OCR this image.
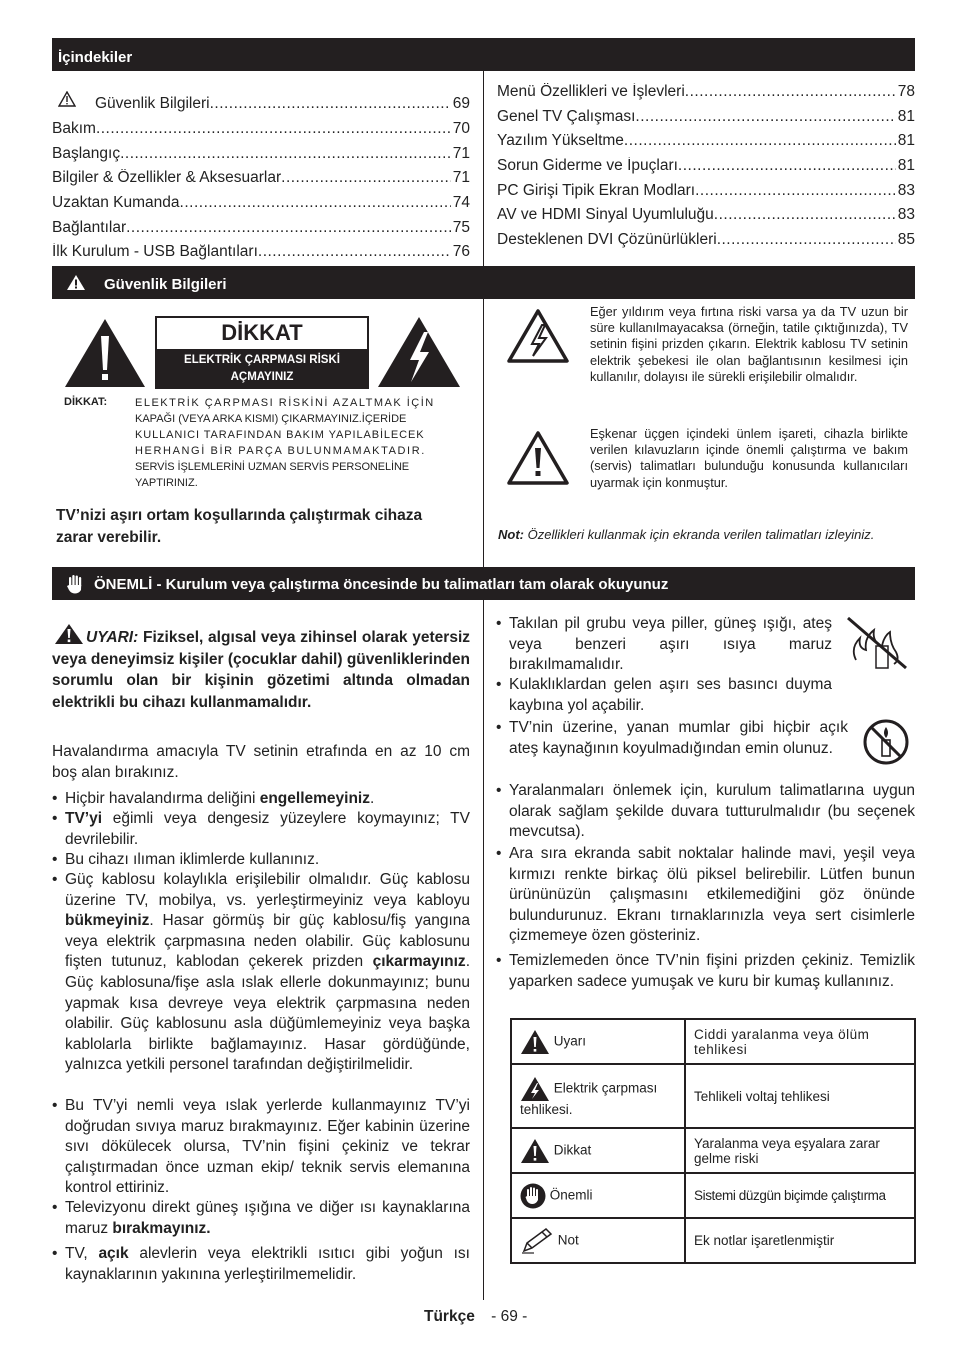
İçindekiler
Güvenlik Bilgileri .....	69
Bakım .....	70
Başlangıç .....	71
Bilgiler & Özellikler & Aksesuarlar .....	71
Uzaktan Kumanda .....	74
Bağlantılar .....	75
İlk Kurulum - USB Bağlantıları .....	76
Menü Özellikleri ve İşlevleri .....	78
Genel TV Çalışması .....	81
Yazılım Yükseltme .....	81
Sorun Giderme ve İpuçları .....	81
PC Girişi Tipik Ekran Modları .....	83
AV ve HDMI Sinyal Uyumluluğu .....	83
Desteklenen DVI Çözünürlükleri .....	85
Güvenlik Bilgileri
DİKKAT
ELEKTRİK ÇARPMASI RİSKİ
AÇMAYINIZ
DİKKAT:	ELEKTRİK ÇARPMASI RİSKİNİ AZALTMAK İÇİN
KAPAĞI (VEYA ARKA KISMI) ÇIKARMAYINIZ.İÇERİDE
KULLANICI TARAFINDAN BAKIM YAPILABİLECEK
HERHANGİ BİR PARÇA BULUNMAMAKTADIR.
SERVİS İŞLEMLERİNİ UZMAN SERVİS PERSONELİNE
YAPTIRINIZ.
TV’nizi aşırı ortam koşullarında çalıştırmak cihaza
zarar verebilir.
Eğer yıldırım veya fırtına riski varsa ya da TV uzun bir süre kullanılmayacaksa (örneğin, tatile çıktığınızda), TV setinin fişini prizden çıkarın. Elektrik kablosu TV setinin elektrik şebekesi ile olan bağlantısının kesilmesi için kullanılır, dolayısı ile sürekli erişilebilir olmalıdır.
Eşkenar üçgen içindeki ünlem işareti, cihazla birlikte verilen kılavuzların içinde önemli çalıştırma ve bakım (servis) talimatları bulunduğu konusunda kullanıcıları uyarmak için konmuştur.
Not: Özellikleri kullanmak için ekranda verilen talimatları izleyiniz.
ÖNEMLİ - Kurulum veya çalıştırma öncesinde bu talimatları tam olarak okuyunuz
UYARI: Fiziksel, algısal veya zihinsel olarak yetersiz veya deneyimsiz kişiler (çocuklar dahil) güvenliklerinden sorumlu olan bir kişinin gözetimi altında olmadan elektrikli bu cihazı kullanmamalıdır.
Havalandırma amacıyla TV setinin etrafında en az 10 cm boş alan bırakınız.
• Hiçbir havalandırma deliğini engellemeyiniz.
• TV’yi eğimli veya dengesiz yüzeylere koymayınız; TV devrilebilir.
• Bu cihazı ılıman iklimlerde kullanınız.
• Güç kablosu kolaylıkla erişilebilir olmalıdır. Güç kablosu üzerine TV, mobilya, vs. yerleştirmeyiniz veya kabloyu bükmeyiniz. Hasar görmüş bir güç kablosu/fiş yangına veya elektrik çarpmasına neden olabilir. Güç kablosunu fişten tutunuz, kablodan çekerek prizden çıkarmayınız. Güç kablosuna/fişe asla ıslak ellerle dokunmayınız; bunu yapmak kısa devreye veya elektrik çarpmasına neden olabilir. Güç kablosunu asla düğümlemeyiniz veya başka kablolarla birlikte bağlamayınız. Hasar gördüğünde, yalnızca yetkili personel tarafından değiştirilmelidir.
• Bu TV’yi nemli veya ıslak yerlerde kullanmayınız TV’yi doğrudan sıvıya maruz bırakmayınız. Eğer kabinin üzerine sıvı dökülecek olursa, TV’nin fişini çekiniz ve tekrar çalıştırmadan önce uzman ekip/ teknik servis elemanına kontrol ettiriniz.
• Televizyonu direkt güneş ışığına ve diğer ısı kaynaklarına maruz bırakmayınız.
• TV, açık alevlerin veya elektrikli ısıtıcı gibi yoğun ısı kaynaklarının yakınına yerleştirilmemelidir.
• Takılan pil grubu veya piller, güneş ışığı, ateş veya benzeri aşırı ısıya maruz bırakılmamalıdır.
• Kulaklıklardan gelen aşırı ses basıncı duyma kaybına yol açabilir.
• TV’nin üzerine, yanan mumlar gibi hiçbir açık ateş kaynağının koyulmadığından emin olunuz.
• Yaralanmaları önlemek için, kurulum talimatlarına uygun olarak sağlam şekilde duvara tutturulmalıdır (bu seçenek mevcutsa).
• Ara sıra ekranda sabit noktalar halinde mavi, yeşil veya kırmızı renkte birkaç ölü piksel belirebilir. Lütfen bunun ürününüzün çalışmasını etkilemediğini göz önünde bulundurunuz. Ekranı tırnaklarınızla veya sert cisimlerle çizmemeye özen gösteriniz.
• Temizlemeden önce TV’nin fişini prizden çekiniz. Temizlik yaparken sadece yumuşak ve kuru bir kumaş kullanınız.
Uyarı	Ciddi yaralanma veya ölüm tehlikesi
Elektrik çarpması tehlikesi.	Tehlikeli voltaj tehlikesi
Dikkat	Yaralanma veya eşyalara zarar gelme riski
Önemli	Sistemi düzgün biçimde çalıştırma
Not	Ek notlar işaretlenmiştir
Türkçe - 69 -
